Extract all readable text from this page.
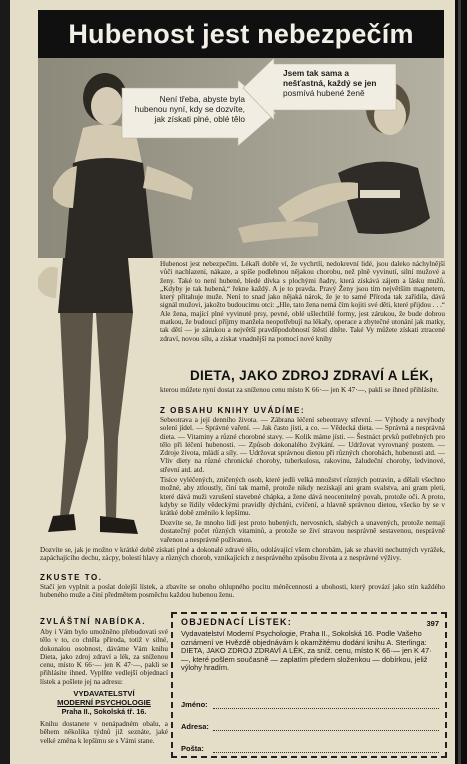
Hubenost jest nebezpečím
Není třeba, abyste byla hubenou nyní, kdy se dozvíte, jak získati plné, oblé tělo
Jsem tak sama a
nešťastná, každý se jen
posmívá hubené ženě
Hubenost jest nebezpečím. Lékaři dobře ví, že vychrtlí, nedokrevní lidé, jsou daleko náchylnější vůči nachlazení, nákaze, a spíše podlehnou nějakou chorobu, než plně vyvinutí, silní mužové a ženy. Také to není hubené, bledé dívka s plochými ňadry, která získává zájem a lásku mužů. „Kdyby je tak hubená,“ řekne každý. A je to pravda. Pravý Ženy jsou tím největším magnetem, který přitahuje muže. Není to snad jako nějaká nárok, že je to samé Příroda tak zařídila, dává signál mužovi, jakožto budoucímu otci: „Hle, tato žena nemá čím kojiti své děti, které přijdou . . .“ Ale žena, mající plné vyvinuté prsy, pevné, oblé ušlechtilé formy, jest zárukou, že bude dobrou matkou, že budoucí příjmy manžela neopotřebují na lékařy, operace a zbytečné utonání jak matky, tak dětí — je zárukou a největší pravděpodobností štěstí dítěte. Také Vy můžete získati ztracené zdraví, novou sílu, a získat vnadnější na pomocí nové knihy
DIETA, JAKO ZDROJ ZDRAVÍ A LÉK,
kterou můžete nyní dostat za sníženou cenu místo K 66·— jen K 47·—, pakli se ihned přihlásíte.
Z OBSAHU KNIHY UVÁDÍME:
Sebeotrava a její denního života. — Zábrana léčení sebeotravy střevní. — Výhody a nevýhody solení jídel. — Správné vaření. — Jak často jísti, a co. — Vědecká dieta. — Správná a nesprávná dieta. — Vitaminy a různé chorobné stavy. — Kolik máme jísti. — Šestnáct prvků potřebných pro tělo při léčení hubenosti. — Způsob dokonalého žvýkání. — Udržovat vyrovnaný postem. — Zdroje života, mládí a síly. — Udržovat správnou dietou při různých chorobách, hubenosti atd. — Vliv diety na různé chronické choroby, tuberkulosu, rakovinu, žaludeční choroby, ledvinové, střevní atd. atd.
Tisíce vyléčených, zničených osob, které jedli velká množství různých potravin, a dělali všechno možné, aby ztloustly, činí tak marně, protože nikdy nezískají ani gram svalstva, ani gram pleti, které dává muži vzrušení stavebné chápka, a žene dává neocenitelný povah, protože oči. A proto, kdyby se řídily vědeckými pravidly dýchání, cvičení, a hlavně správnou dietou, všecko by se v krátké době změnilo k lepšímu.
Dozvíte se, že mnoho lidí jest proto hubených, nervosních, slabých a unavených, protože nemají dostatečný počet různých vitaminů, a protože se živí stravou nesprávně sestavenou, nesprávně vařenou a nesprávně požívanou.
Dozvíte se, jak je možno v krátké době získati plné a dokonalé zdravé tělo, odolávající všem chorobám, jak se zbavíti nechutných vyrážek, zapáchajícího dechu, zácpy, bolestí hlavy a různých chorob, vznikajících z nesprávného způsobu života a z nesprávné výživy.
ZKUSTE TO.
Stačí jen vyplnit a poslat dolejší lístek, a zbavíte se onoho ohlupného pocitu méněcennosti a ubohosti, který provází jako stín každého hubeného muže a činí předmětem posměchu každou hubenou ženu.
ZVLÁŠTNÍ NABÍDKA.
Aby i Vám bylo umožněno přebudovati své tělo v to, co chtěla příroda, totiž v silné, dokonalou osobnost, dáváme Vám knihu Dieta, jako zdroj zdraví a lék, za sníženou cenu, místo K 66·— jen K 47·—, pakli se přihlásíte ihned. Vyplňte vedlejší objednací lístek a pošlete jej na adresu:
VYDAVATELSTVÍ
MODERNÍ PSYCHOLOGIE
Praha II., Sokolská tř. 16.
Knihu dostanete v nenápadném obalu, a během několika týdnů již seznáte, jaké velké změna k lepšímu se s Vámi stane.
OBJEDNACÍ LÍSTEK:	397
Vydavatelství Moderní Psychologie, Praha II., Sokolská 16. Podle Vašeho oznámení ve Hvězdě objednávám k okamžitému dodání knihu A. Sterlinga: DIETA, JAKO ZDROJ ZDRAVÍ A LÉK, za sníž. cenu, místo K 66·— jen K 47·—, které pošlem současně — zaplatím předem složenkou — dobírkou, jeliž výlohy hradím.
Jméno:
Adresa:
Pošta:
